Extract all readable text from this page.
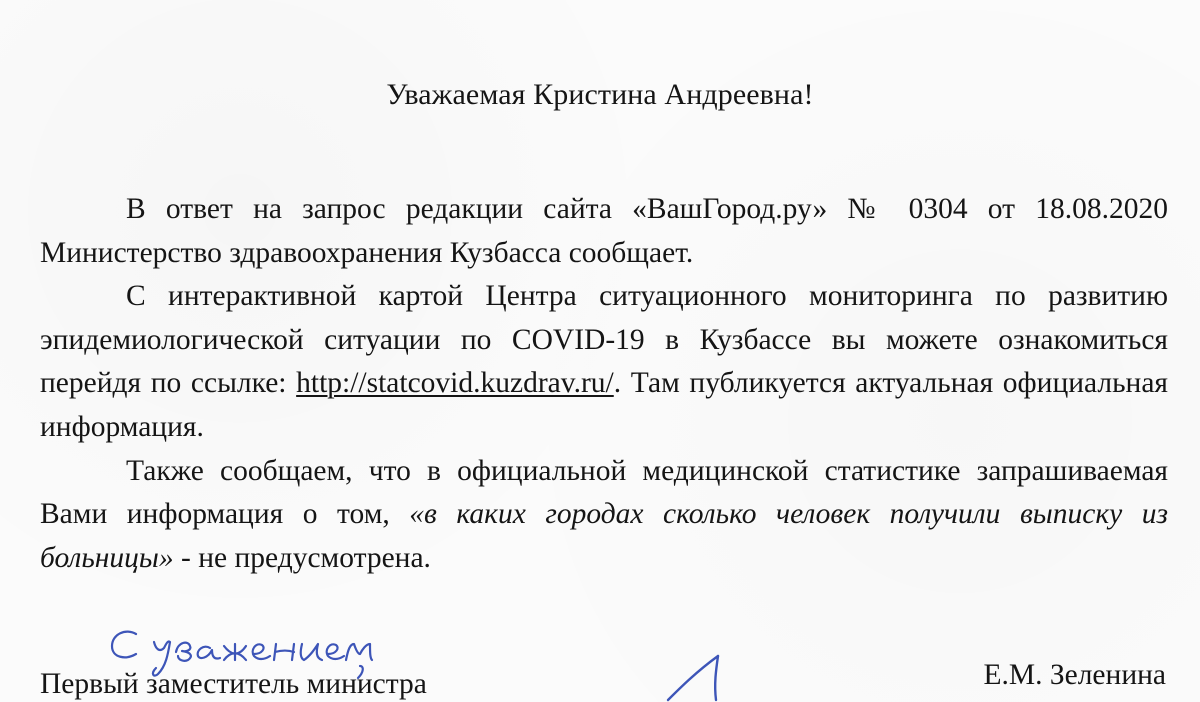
Уважаемая Кристина Андреевна!

В ответ на запрос редакции сайта «ВашГород.ру» № 0304 от 18.08.2020 Министерство здравоохранения Кузбасса сообщает.

С интерактивной картой Центра ситуационного мониторинга по развитию эпидемиологической ситуации по COVID-19 в Кузбассе вы можете ознакомиться перейдя по ссылке: http://statcovid.kuzdrav.ru/. Там публикуется актуальная официальная информация.

Также сообщаем, что в официальной медицинской статистике запрашиваемая Вами информация о том, «в каких городах сколько человек получили выписку из больницы» - не предусмотрена.

Первый заместитель министра	Е.М. Зеленина
